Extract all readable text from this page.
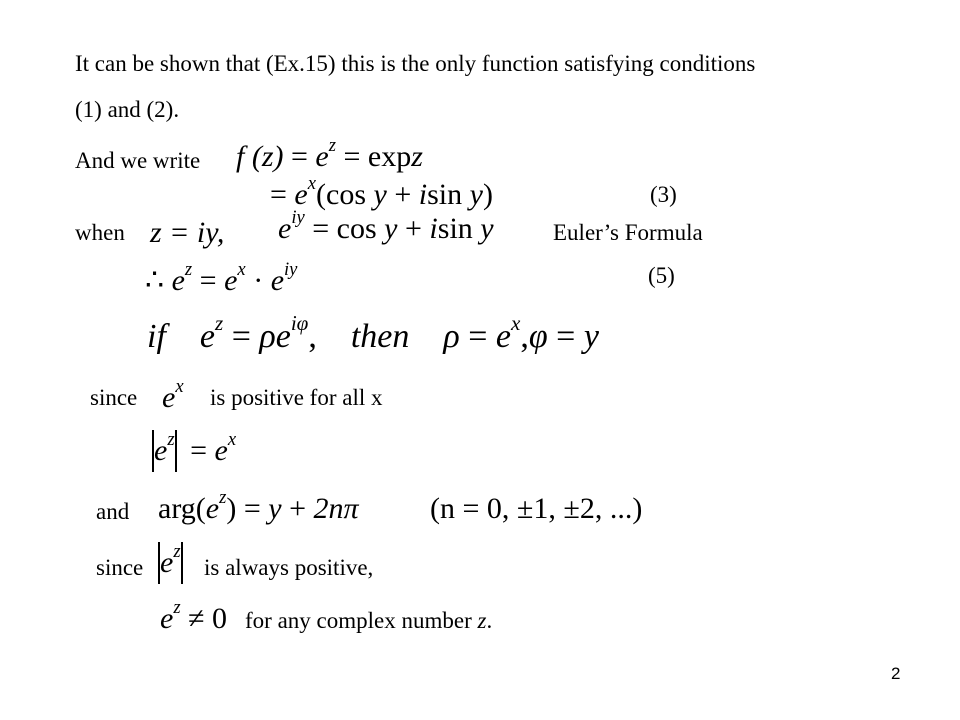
It can be shown that (Ex.15) this is the only function satisfying conditions
(1) and (2).
And we write f $(z) = e^z = \exp z$
= $e^x(\cos$ y + isin y)	(3)
when z = iy, $e^{iy} = \cos y + isin$ y	Euler’s Formula
∴ $e^z = e^x \cdot e^{iy}$	(5)
if $e^z = \rho e^{i\varphi}$, then $\rho = e^x,\varphi = y$
since $e^x$ is positive for all x
$e^z = e^x$
and $arg(e^z) = y + 2n\pi$ (n = 0, ±1, ±2, ...)
since $e^z$
is always positive,
$e^z \ne 0$ for any complex number z.
2
